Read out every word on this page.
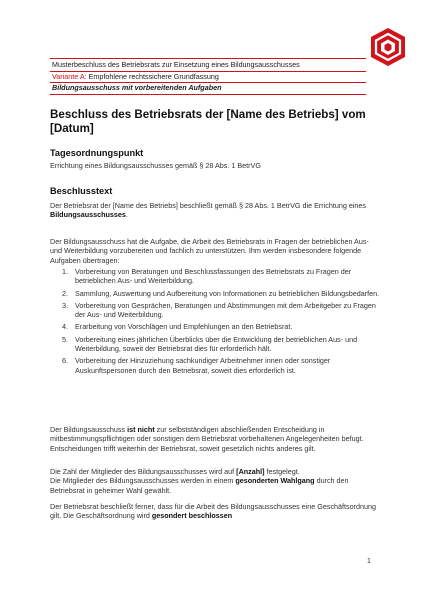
Musterbeschluss des Betriebsrats zur Einsetzung eines Bildungsausschusses
Variante A: Empfohlene rechtssichere Grundfassung
Bildungsausschuss mit vorbereitenden Aufgaben
Beschluss des Betriebsrats der [Name des Betriebs] vom [Datum]
Tagesordnungspunkt

Errichtung eines Bildungsausschusses gemäß § 28 Abs. 1 BetrVG

Beschlusstext

Der Betriebsrat der [Name des Betriebs] beschließt gemäß § 28 Abs. 1 BetrVG die Errichtung eines Bildungsausschusses.

Der Bildungsausschuss hat die Aufgabe, die Arbeit des Betriebsrats in Fragen der betrieblichen Aus- und Weiterbildung vorzubereiten und fachlich zu unterstützen. Ihm werden insbesondere folgende Aufgaben übertragen:

1. Vorbereitung von Beratungen und Beschlussfassungen des Betriebsrats zu Fragen der betrieblichen Aus- und Weiterbildung.
2. Sammlung, Auswertung und Aufbereitung von Informationen zu betrieblichen Bildungsbedarfen.
3. Vorbereitung von Gesprächen, Beratungen und Abstimmungen mit dem Arbeitgeber zu Fragen der Aus- und Weiterbildung.
4. Erarbeitung von Vorschlägen und Empfehlungen an den Betriebsrat.
5. Vorbereitung eines jährlichen Überblicks über die Entwicklung der betrieblichen Aus- und Weiterbildung, soweit der Betriebsrat dies für erforderlich hält.
6. Vorbereitung der Hinzuziehung sachkundiger Arbeitnehmer innen oder sonstiger Auskunftspersonen durch den Betriebsrat, soweit dies erforderlich ist.

Der Bildungsausschuss ist nicht zur selbstständigen abschließenden Entscheidung in mitbestimmungspflichtigen oder sonstigen dem Betriebsrat vorbehaltenen Angelegenheiten befugt. Entscheidungen trifft weiterhin der Betriebsrat, soweit gesetzlich nichts anderes gilt.

Die Zahl der Mitglieder des Bildungsausschusses wird auf [Anzahl] festgelegt.
Die Mitglieder des Bildungsausschusses werden in einem gesonderten Wahlgang durch den Betriebsrat in geheimer Wahl gewählt.

Der Betriebsrat beschließt ferner, dass für die Arbeit des Bildungsausschusses eine Geschäftsordnung gilt. Die Geschäftsordnung wird gesondert beschlossen

1
